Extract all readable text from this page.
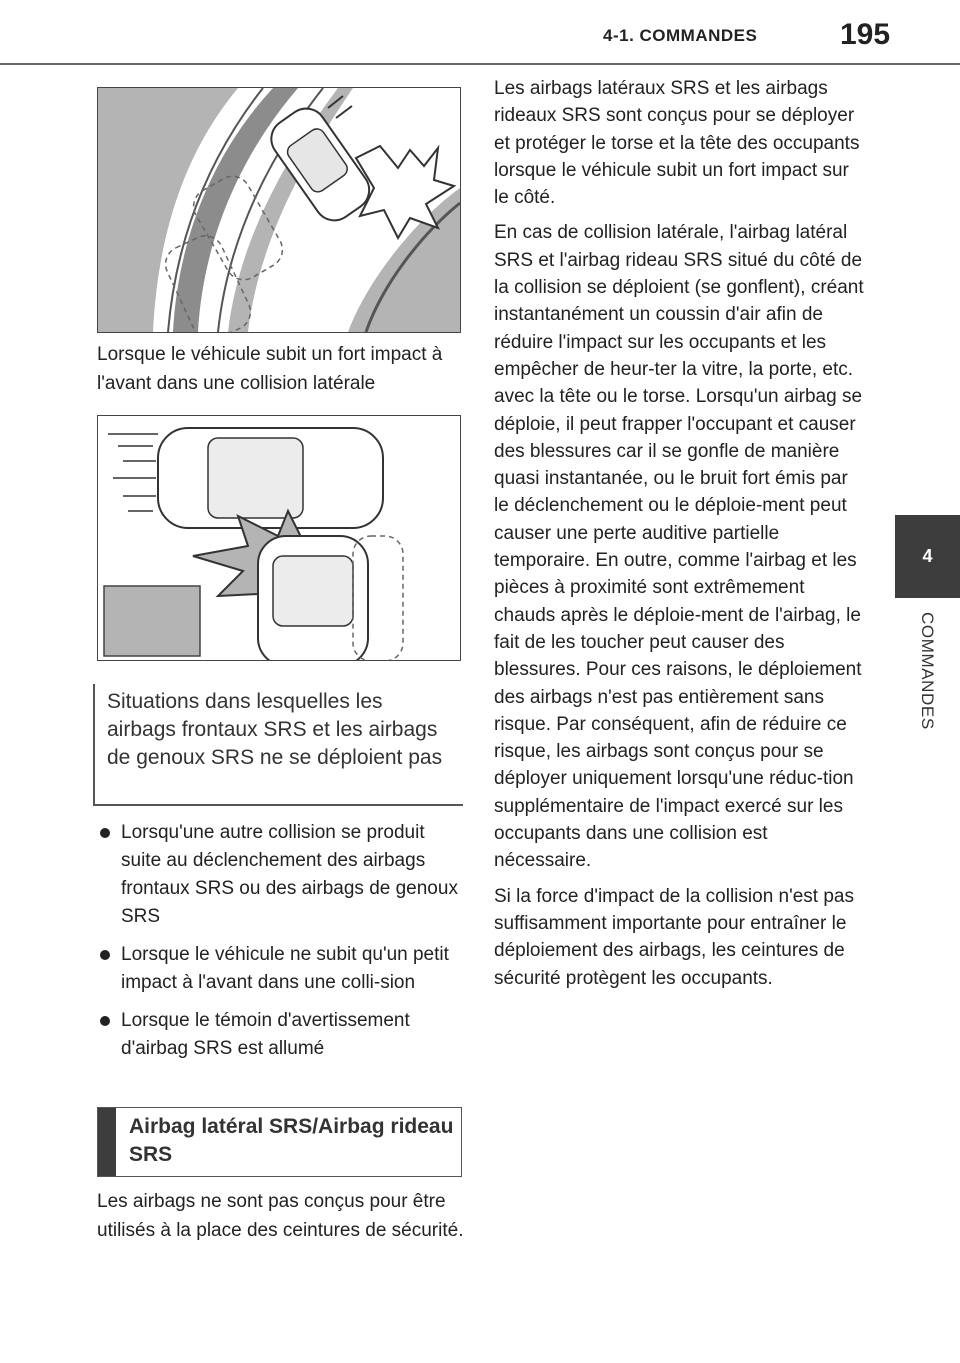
4-1. COMMANDES	195
4
COMMANDES
Lorsque le véhicule subit un fort impact à l'avant dans une collision latérale
Situations dans lesquelles les airbags frontaux SRS et les airbags de genoux SRS ne se déploient pas
Lorsqu'une autre collision se produit suite au déclenchement des airbags frontaux SRS ou des airbags de genoux SRS
Lorsque le véhicule ne subit qu'un petit impact à l'avant dans une colli-sion
Lorsque le témoin d'avertissement d'airbag SRS est allumé
Airbag latéral SRS/Airbag rideau SRS
Les airbags ne sont pas conçus pour être utilisés à la place des ceintures de sécurité.

Les airbags latéraux SRS et les airbags rideaux SRS sont conçus pour se déployer et protéger le torse et la tête des occupants lorsque le véhicule subit un fort impact sur le côté.

En cas de collision latérale, l'airbag latéral SRS et l'airbag rideau SRS situé du côté de la collision se déploient (se gonflent), créant instantanément un coussin d'air afin de réduire l'impact sur les occupants et les empêcher de heur-ter la vitre, la porte, etc. avec la tête ou le torse. Lorsqu'un airbag se déploie, il peut frapper l'occupant et causer des blessures car il se gonfle de manière quasi instantanée, ou le bruit fort émis par le déclenchement ou le déploie-ment peut causer une perte auditive partielle temporaire. En outre, comme l'airbag et les pièces à proximité sont extrêmement chauds après le déploie-ment de l'airbag, le fait de les toucher peut causer des blessures. Pour ces raisons, le déploiement des airbags n'est pas entièrement sans risque. Par conséquent, afin de réduire ce risque, les airbags sont conçus pour se déployer uniquement lorsqu'une réduc-tion supplémentaire de l'impact exercé sur les occupants dans une collision est nécessaire.

Si la force d'impact de la collision n'est pas suffisamment importante pour entraîner le déploiement des airbags, les ceintures de sécurité protègent les occupants.
